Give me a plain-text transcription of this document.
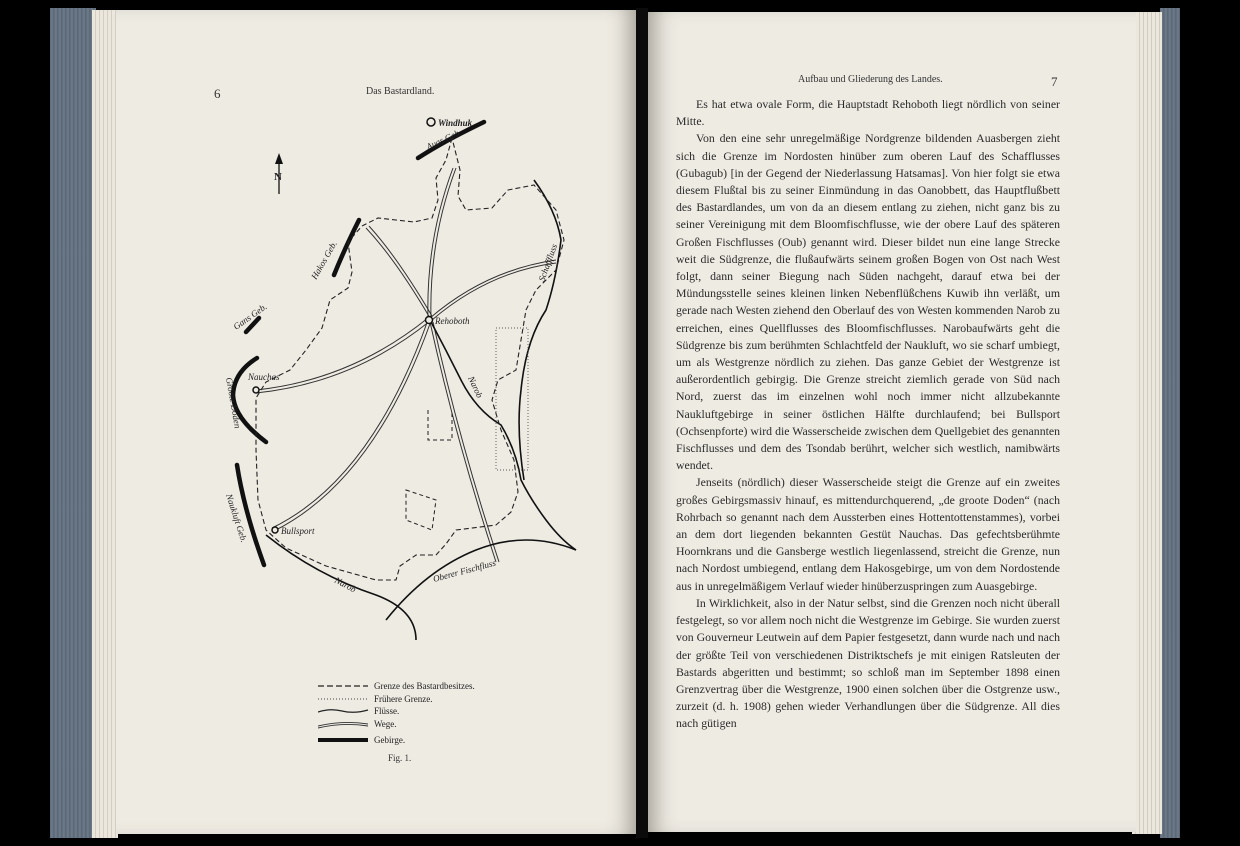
6	Das Bastardland.
N
Windhuk
Rehoboth
Nauchas
Bullsport
Auas Geb.
Hakos Geb.
Gans Geb.
Groote Doden
Naukluft Geb.
Schafffluss
Narob
Oberer Fischfluss
Narob
Grenze des Bastardbesitzes.
Frühere Grenze.
Flüsse.
Wege.
Gebirge.
Fig. 1.
Aufbau und Gliederung des Landes.	7

Es hat etwa ovale Form, die Hauptstadt Rehoboth liegt nördlich von seiner Mitte.

Von den eine sehr unregelmäßige Nordgrenze bildenden Auasbergen zieht sich die Grenze im Nordosten hinüber zum oberen Lauf des Schafflusses (Gubagub) [in der Gegend der Niederlassung Hatsamas]. Von hier folgt sie etwa diesem Flußtal bis zu seiner Einmündung in das Oanobbett, das Hauptflußbett des Bastardlandes, um von da an diesem entlang zu ziehen, nicht ganz bis zu seiner Vereinigung mit dem Bloomfischflusse, wie der obere Lauf des späteren Großen Fischflusses (Oub) genannt wird. Dieser bildet nun eine lange Strecke weit die Südgrenze, die flußaufwärts seinem großen Bogen von Ost nach West folgt, dann seiner Biegung nach Süden nachgeht, darauf etwa bei der Mündungsstelle seines kleinen linken Nebenflüßchens Kuwib ihn verläßt, um gerade nach Westen ziehend den Oberlauf des von Westen kommenden Narob zu erreichen, eines Quellflusses des Bloomfischflusses. Narobaufwärts geht die Südgrenze bis zum berühmten Schlachtfeld der Naukluft, wo sie scharf umbiegt, um als Westgrenze nördlich zu ziehen. Das ganze Gebiet der Westgrenze ist außerordentlich gebirgig. Die Grenze streicht ziemlich gerade von Süd nach Nord, zuerst das im einzelnen wohl noch immer nicht allzubekannte Naukluftgebirge in seiner östlichen Hälfte durchlaufend; bei Bullsport (Ochsenpforte) wird die Wasserscheide zwischen dem Quellgebiet des genannten Fischflusses und dem des Tsondab berührt, welcher sich westlich, namibwärts wendet.

Jenseits (nördlich) dieser Wasserscheide steigt die Grenze auf ein zweites großes Gebirgsmassiv hinauf, es mittendurchquerend, „de groote Doden“ (nach Rohrbach so genannt nach dem Aussterben eines Hottentottenstammes), vorbei an dem dort liegenden bekannten Gestüt Nauchas. Das gefechtsberühmte Hoornkrans und die Gansberge westlich liegenlassend, streicht die Grenze, nun nach Nordost umbiegend, entlang dem Hakosgebirge, um von dem Nordostende aus in unregelmäßigem Verlauf wieder hinüberzuspringen zum Auasgebirge.

In Wirklichkeit, also in der Natur selbst, sind die Grenzen noch nicht überall festgelegt, so vor allem noch nicht die Westgrenze im Gebirge. Sie wurden zuerst von Gouverneur Leutwein auf dem Papier festgesetzt, dann wurde nach und nach der größte Teil von verschiedenen Distriktschefs je mit einigen Ratsleuten der Bastards abgeritten und bestimmt; so schloß man im September 1898 einen Grenzvertrag über die Westgrenze, 1900 einen solchen über die Ostgrenze usw., zurzeit (d. h. 1908) gehen wieder Verhandlungen über die Südgrenze. All dies nach gütigen
